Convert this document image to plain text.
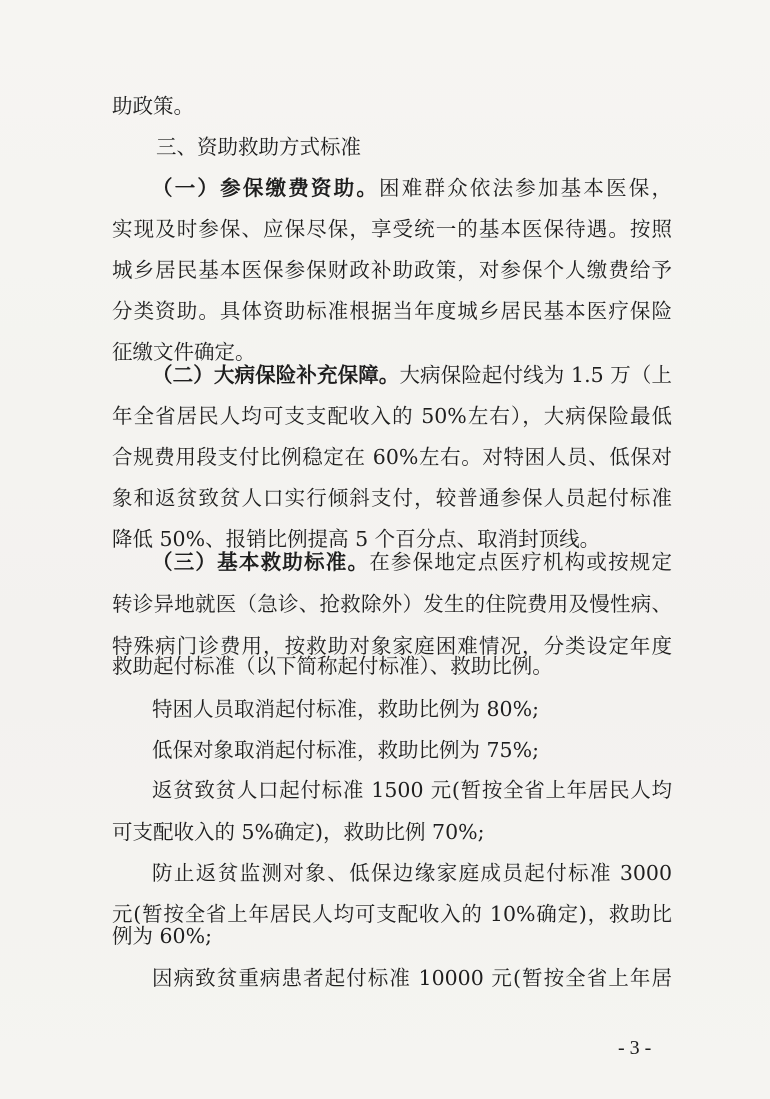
助政策。
三、资助救助方式标准
（一）参保缴费资助。困难群众依法参加基本医保，
实现及时参保、应保尽保，享受统一的基本医保待遇。按照
城乡居民基本医保参保财政补助政策，对参保个人缴费给予
分类资助。具体资助标准根据当年度城乡居民基本医疗保险
征缴文件确定。
（二）大病保险补充保障。大病保险起付线为 1.5 万（上
年全省居民人均可支支配收入的 50%左右），大病保险最低
合规费用段支付比例稳定在 60%左右。对特困人员、低保对
象和返贫致贫人口实行倾斜支付，较普通参保人员起付标准
降低 50%、报销比例提高 5 个百分点、取消封顶线。
（三）基本救助标准。在参保地定点医疗机构或按规定
转诊异地就医（急诊、抢救除外）发生的住院费用及慢性病、
特殊病门诊费用，按救助对象家庭困难情况，分类设定年度
救助起付标准（以下简称起付标准）、救助比例。
特困人员取消起付标准，救助比例为 80%;
低保对象取消起付标准，救助比例为 75%;
返贫致贫人口起付标准 1500 元(暂按全省上年居民人均
可支配收入的 5%确定)，救助比例 70%;
防止返贫监测对象、低保边缘家庭成员起付标准 3000
元(暂按全省上年居民人均可支配收入的 10%确定)，救助比
例为 60%;
因病致贫重病患者起付标准 10000 元(暂按全省上年居
- 3 -
